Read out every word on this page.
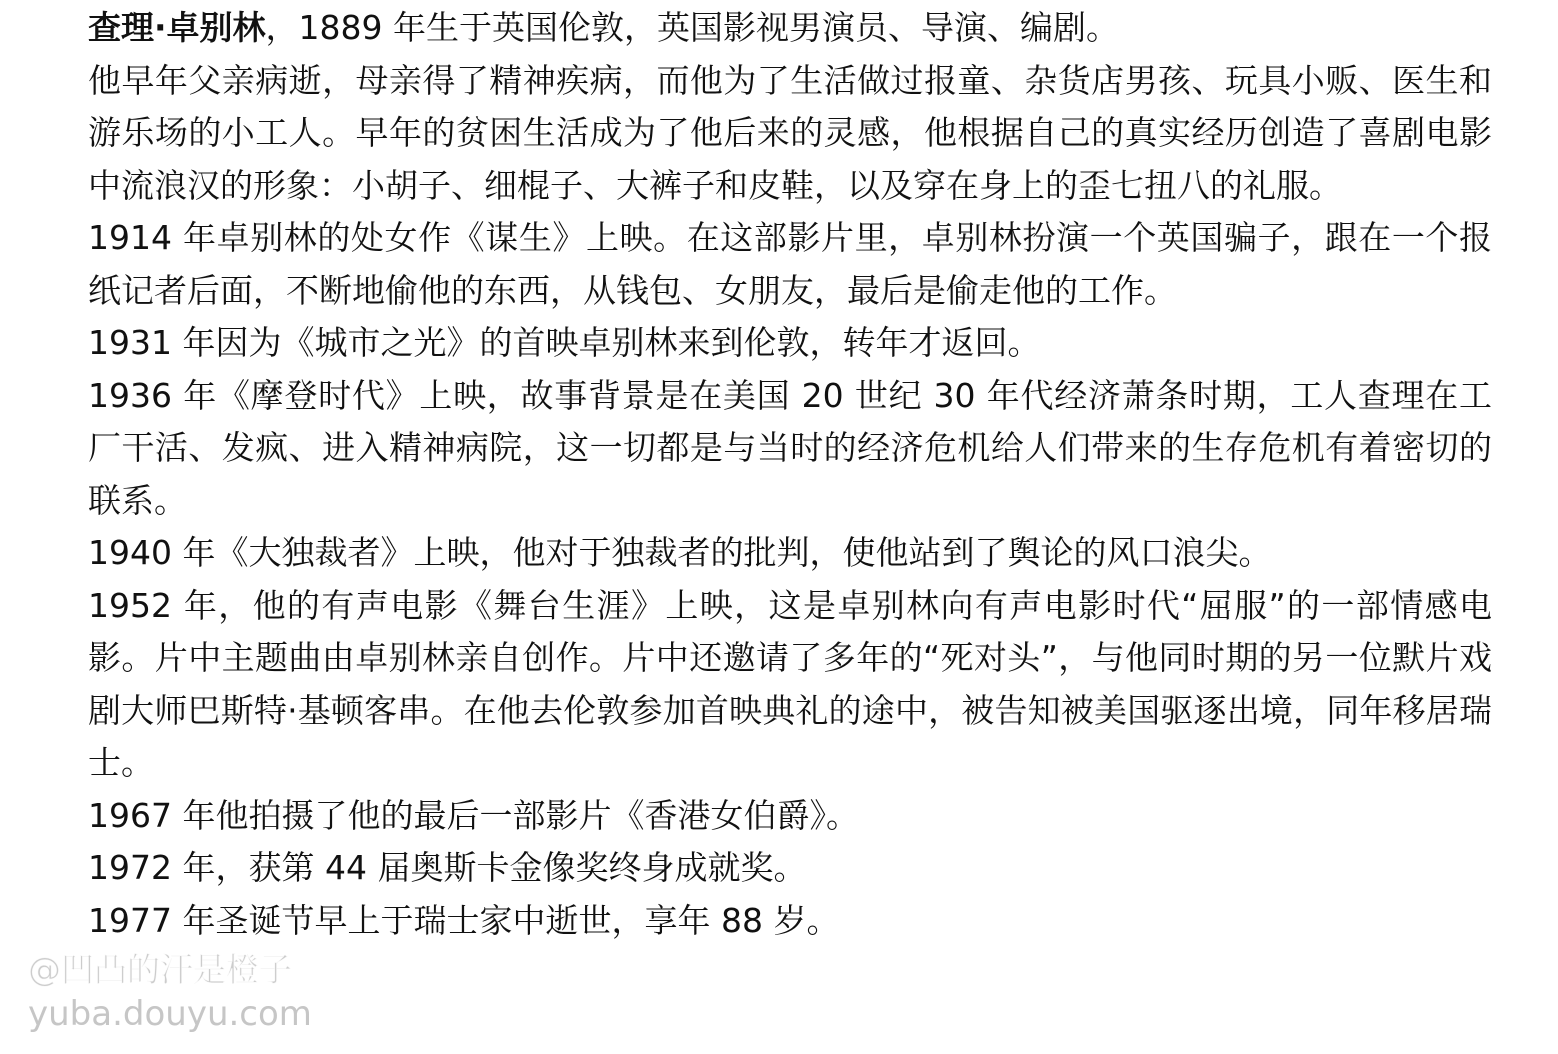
查理·卓别林，1889 年生于英国伦敦，英国影视男演员、导演、编剧。

他早年父亲病逝，母亲得了精神疾病，而他为了生活做过报童、杂货店男孩、玩具小贩、医生和游乐场的小工人。早年的贫困生活成为了他后来的灵感，他根据自己的真实经历创造了喜剧电影中流浪汉的形象：小胡子、细棍子、大裤子和皮鞋，以及穿在身上的歪七扭八的礼服。

1914 年卓别林的处女作《谋生》上映。在这部影片里，卓别林扮演一个英国骗子，跟在一个报纸记者后面，不断地偷他的东西，从钱包、女朋友，最后是偷走他的工作。

1931 年因为《城市之光》的首映卓别林来到伦敦，转年才返回。

1936 年《摩登时代》上映，故事背景是在美国 20 世纪 30 年代经济萧条时期，工人查理在工厂干活、发疯、进入精神病院，这一切都是与当时的经济危机给人们带来的生存危机有着密切的联系。

1940 年《大独裁者》上映，他对于独裁者的批判，使他站到了舆论的风口浪尖。

1952 年，他的有声电影《舞台生涯》上映，这是卓别林向有声电影时代“屈服”的一部情感电影。片中主题曲由卓别林亲自创作。片中还邀请了多年的“死对头”，与他同时期的另一位默片戏剧大师巴斯特·基顿客串。在他去伦敦参加首映典礼的途中，被告知被美国驱逐出境，同年移居瑞士。

1967 年他拍摄了他的最后一部影片《香港女伯爵》。

1972 年，获第 44 届奥斯卡金像奖终身成就奖。

1977 年圣诞节早上于瑞士家中逝世，享年 88 岁。

@凹凸的汗是橙子
yuba.douyu.com
